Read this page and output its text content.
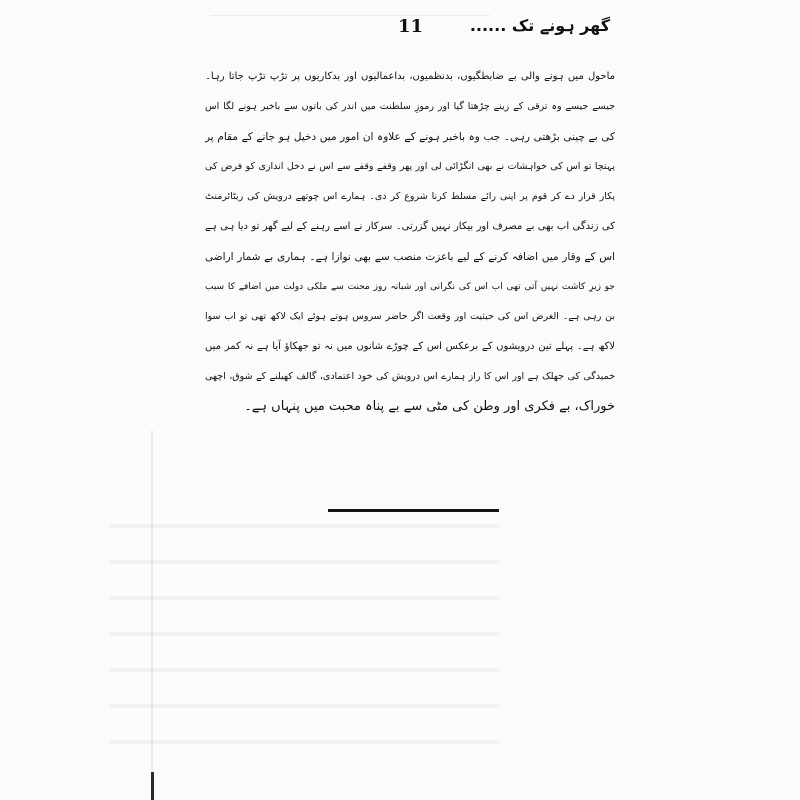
11	گھر ہونے تک ......
ماحول میں ہونے والی بے ضابطگیوں، بدنظمیوں، بداعمالیوں اور بدکاریوں پر تڑپ تڑپ جاتا رہا۔
جیسے جیسے وہ ترقی کے زینے چڑھتا گیا اور رموزِ سلطنت میں اندر کی باتوں سے باخبر ہونے لگا اس
کی بے چینی بڑھتی رہی۔ جب وہ باخبر ہونے کے علاوہ ان امور میں دخیل ہو جانے کے مقام پر
پہنچا تو اس کی خواہشات نے بھی انگڑائی لی اور پھر وقفے وقفے سے اس نے دخل اندازی کو فرض کی
پکار قرار دے کر قوم پر اپنی رائے مسلط کرنا شروع کر دی۔ ہمارے اس چوتھے درویش کی ریٹائرمنٹ
کی زندگی اب بھی بے مصرف اور بیکار نہیں گزرتی۔ سرکار نے اسے رہنے کے لیے گھر تو دیا ہی ہے
اس کے وقار میں اضافہ کرنے کے لیے باعزت منصب سے بھی نوازا ہے۔ ہماری بے شمار اراضی
جو زیرِ کاشت نہیں آتی تھی اب اس کی نگرانی اور شبانہ روز محنت سے ملکی دولت میں اضافے کا سبب
بن رہی ہے۔ الغرض اس کی حیثیت اور وقعت اگر حاضر سروس ہوتے ہوئے ایک لاکھ تھی تو اب سوا
لاکھ ہے۔ پہلے تین درویشوں کے برعکس اس کے چوڑے شانوں میں نہ تو جھکاؤ آیا ہے نہ کمر میں
خمیدگی کی جھلک ہے اور اس کا راز ہمارے اس درویش کی خود اعتمادی، گالف کھیلنے کے شوق، اچھی
خوراک، بے فکری اور وطن کی مٹی سے بے پناہ محبت میں پنہاں ہے۔
